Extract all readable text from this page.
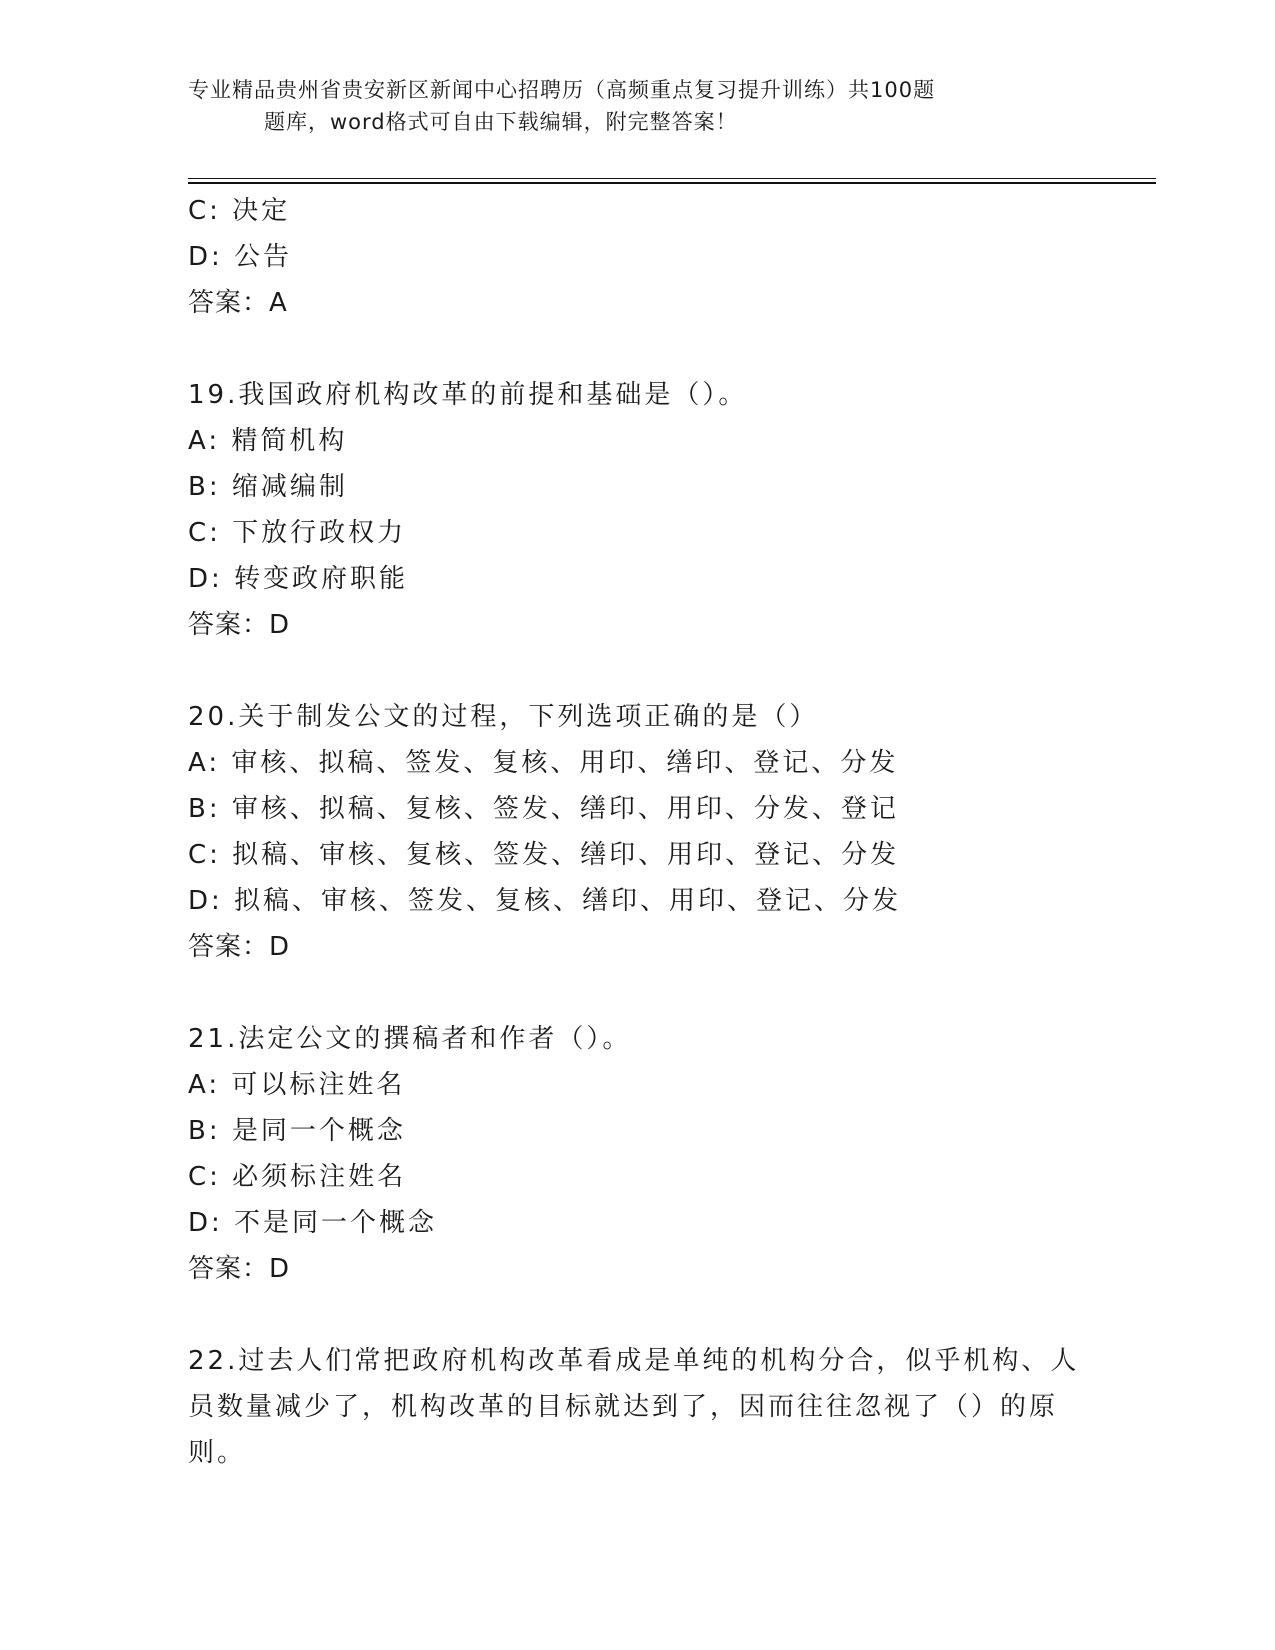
专业精品贵州省贵安新区新闻中心招聘历（高频重点复习提升训练）共100题
题库，word格式可自由下载编辑，附完整答案！
C: 决定
D: 公告
答案：A
19.我国政府机构改革的前提和基础是（）。
A: 精简机构
B: 缩减编制
C: 下放行政权力
D: 转变政府职能
答案：D
20.关于制发公文的过程，下列选项正确的是（）
A: 审核、拟稿、签发、复核、用印、缮印、登记、分发
B: 审核、拟稿、复核、签发、缮印、用印、分发、登记
C: 拟稿、审核、复核、签发、缮印、用印、登记、分发
D: 拟稿、审核、签发、复核、缮印、用印、登记、分发
答案：D
21.法定公文的撰稿者和作者（）。
A: 可以标注姓名
B: 是同一个概念
C: 必须标注姓名
D: 不是同一个概念
答案：D
22.过去人们常把政府机构改革看成是单纯的机构分合，似乎机构、人员数量减少了，机构改革的目标就达到了，因而往往忽视了（）的原则。
